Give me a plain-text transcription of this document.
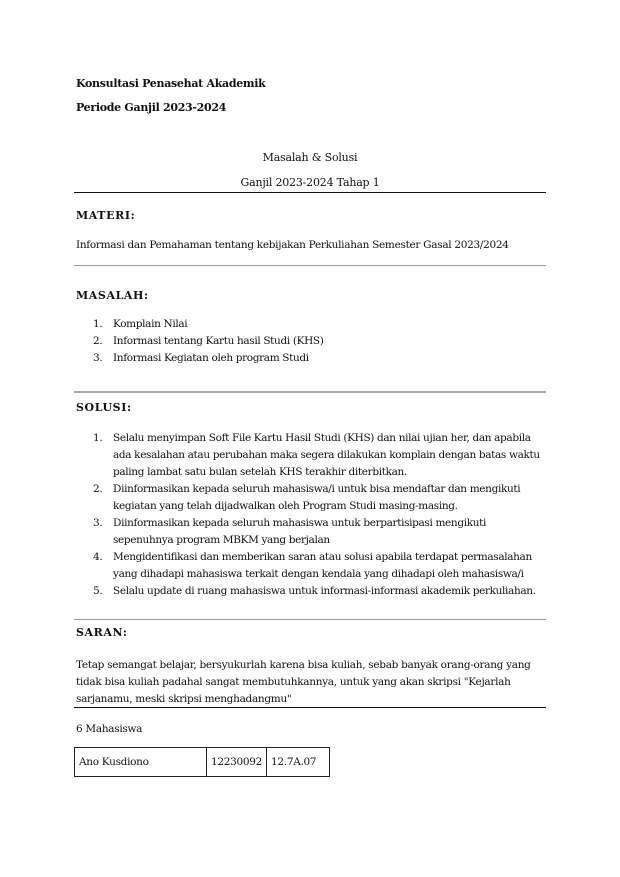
Konsultasi Penasehat Akademik
Periode Ganjil 2023-2024
Masalah & Solusi
Ganjil 2023-2024 Tahap 1
MATERI:
Informasi dan Pemahaman tentang kebijakan Perkuliahan Semester Gasal 2023/2024
MASALAH:
1. Komplain Nilai
2. Informasi tentang Kartu hasil Studi (KHS)
3. Informasi Kegiatan oleh program Studi
SOLUSI:
1. Selalu menyimpan Soft File Kartu Hasil Studi (KHS) dan nilai ujian her, dan apabila ada kesalahan atau perubahan maka segera dilakukan komplain dengan batas waktu paling lambat satu bulan setelah KHS terakhir diterbitkan.
2. Diinformasikan kepada seluruh mahasiswa/i untuk bisa mendaftar dan mengikuti kegiatan yang telah dijadwalkan oleh Program Studi masing-masing.
3. Diinformasikan kepada seluruh mahasiswa untuk berpartisipasi mengikuti sepenuhnya program MBKM yang berjalan
4. Mengidentifikasi dan memberikan saran atau solusi apabila terdapat permasalahan yang dihadapi mahasiswa terkait dengan kendala yang dihadapi oleh mahasiswa/i
5. Selalu update di ruang mahasiswa untuk informasi-informasi akademik perkuliahan.
SARAN:
Tetap semangat belajar, bersyukurlah karena bisa kuliah, sebab banyak orang-orang yang tidak bisa kuliah padahal sangat membutuhkannya, untuk yang akan skripsi "Kejarlah sarjanamu, meski skripsi menghadangmu"
6 Mahasiswa
Ano Kusdiono	12230092	12.7A.07
